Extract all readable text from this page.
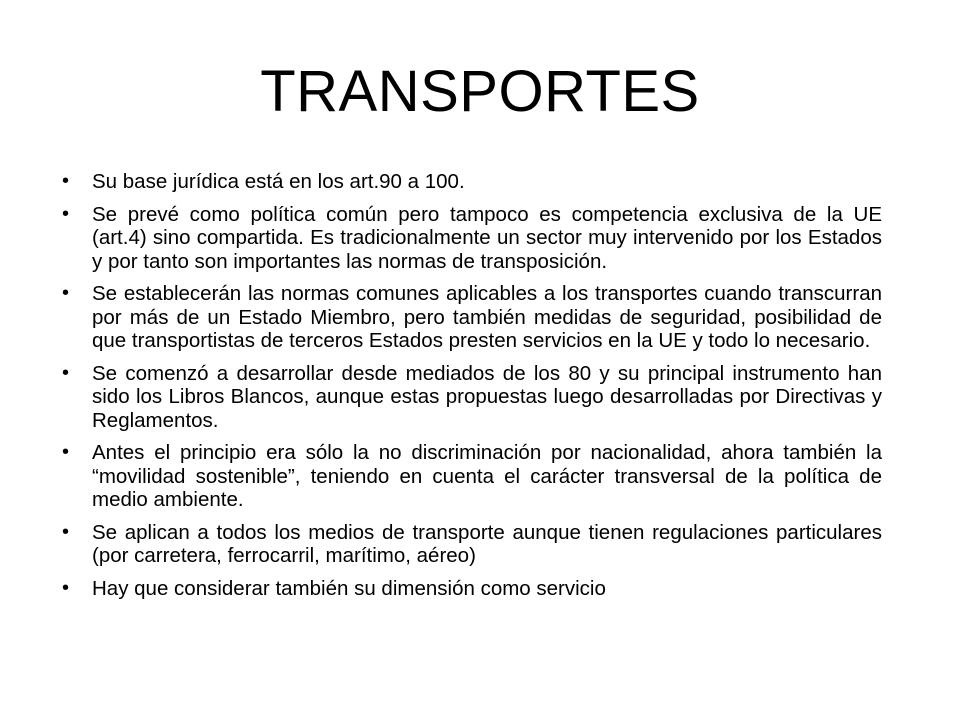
TRANSPORTES
•	Su base jurídica está en los art.90 a 100.
•	Se prevé como política común pero tampoco es competencia exclusiva de la UE (art.4) sino compartida. Es tradicionalmente un sector muy intervenido por los Estados y por tanto son importantes las normas de transposición.
•	Se establecerán las normas comunes aplicables a los transportes cuando transcurran por más de un Estado Miembro, pero también medidas de seguridad, posibilidad de que transportistas de terceros Estados presten servicios en la UE y todo lo necesario.
•	Se comenzó a desarrollar desde mediados de los 80 y su principal instrumento han sido los Libros Blancos, aunque estas propuestas luego desarrolladas por Directivas y Reglamentos.
•	Antes el principio era sólo la no discriminación por nacionalidad, ahora también la “movilidad sostenible”, teniendo en cuenta el carácter transversal de la política de medio ambiente.
•	Se aplican a todos los medios de transporte aunque tienen regulaciones particulares (por carretera, ferrocarril, marítimo, aéreo)
•	Hay que considerar también su dimensión como servicio
